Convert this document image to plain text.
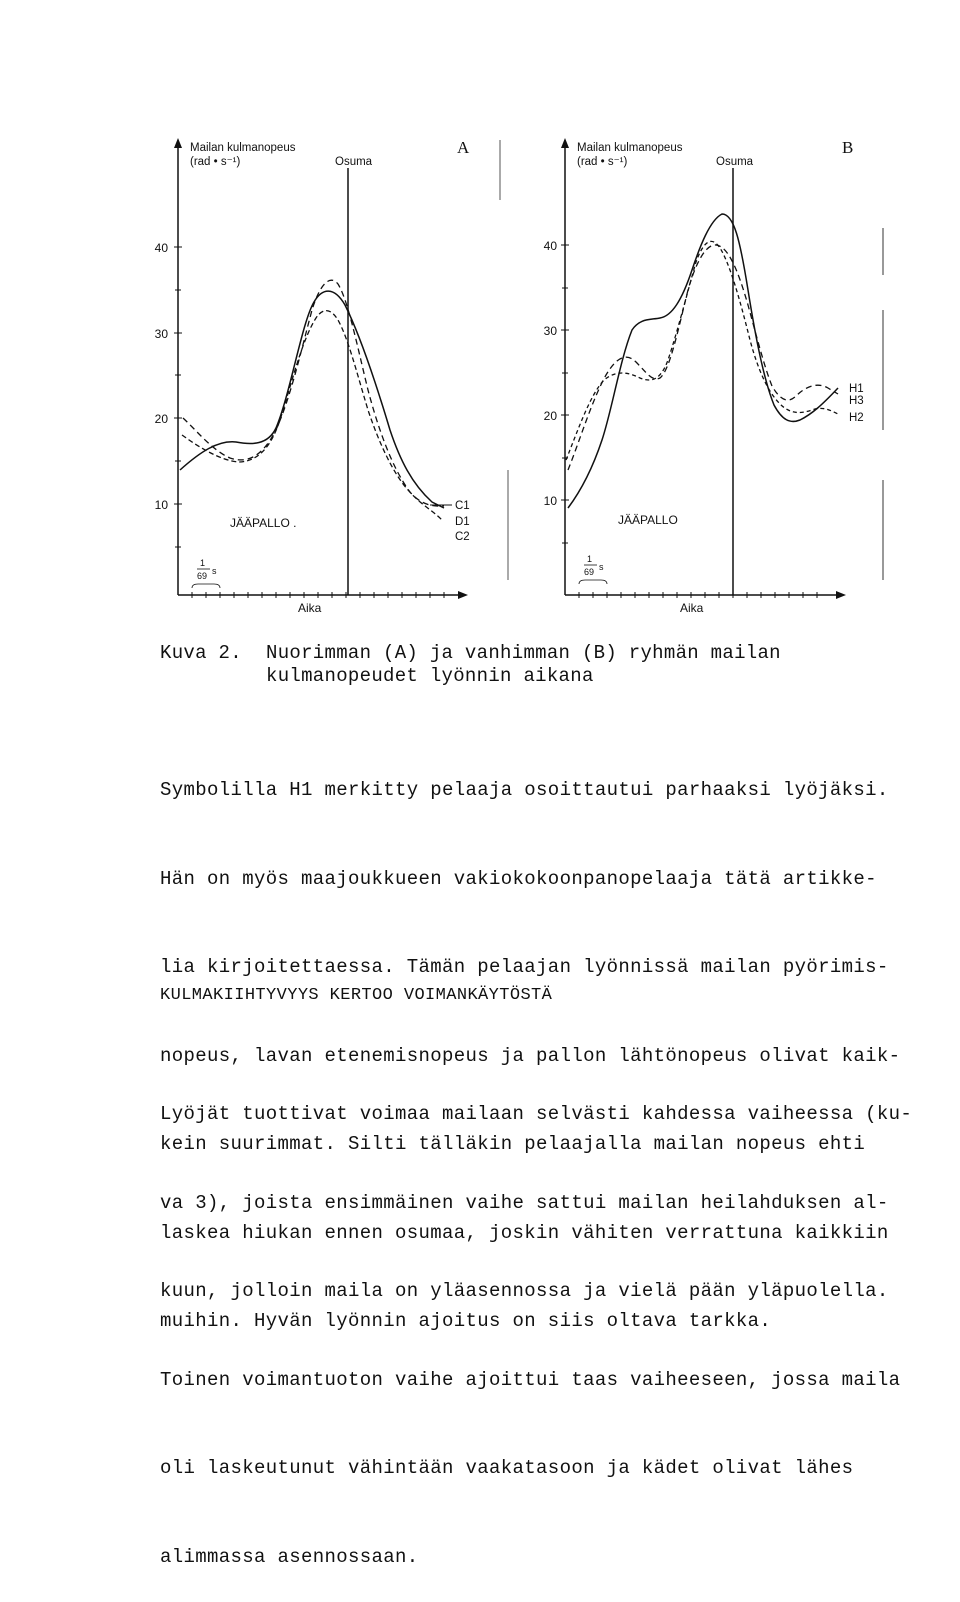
40
30
20
10
Mailan kulmanopeus
(rad • s⁻¹)	Osuma
A
Aika
JÄÄPALLO .
1
69 s
C1
D1
C2
40
30
20
10
Mailan kulmanopeus
(rad • s⁻¹)	Osuma
B
Aika
JÄÄPALLO
1
69 s
H1
H3
H2
Kuva 2. Nuorimman (A) ja vanhimman (B) ryhmän mailan
kulmanopeudet lyönnin aikana

Symbolilla H1 merkitty pelaaja osoittautui parhaaksi lyöjäksi.

Hän on myös maajoukkueen vakiokokoonpanopelaaja tätä artikke-

lia kirjoitettaessa. Tämän pelaajan lyönnissä mailan pyörimis-

nopeus, lavan etenemisnopeus ja pallon lähtönopeus olivat kaik-

kein suurimmat. Silti tälläkin pelaajalla mailan nopeus ehti

laskea hiukan ennen osumaa, joskin vähiten verrattuna kaikkiin

muihin. Hyvän lyönnin ajoitus on siis oltava tarkka.

KULMAKIIHTYVYYS KERTOO VOIMANKÄYTÖSTÄ

Lyöjät tuottivat voimaa mailaan selvästi kahdessa vaiheessa (ku-

va 3), joista ensimmäinen vaihe sattui mailan heilahduksen al-

kuun, jolloin maila on yläasennossa ja vielä pään yläpuolella.

Toinen voimantuoton vaihe ajoittui taas vaiheeseen, jossa maila

oli laskeutunut vähintään vaakatasoon ja kädet olivat lähes

alimmassa asennossaan.
